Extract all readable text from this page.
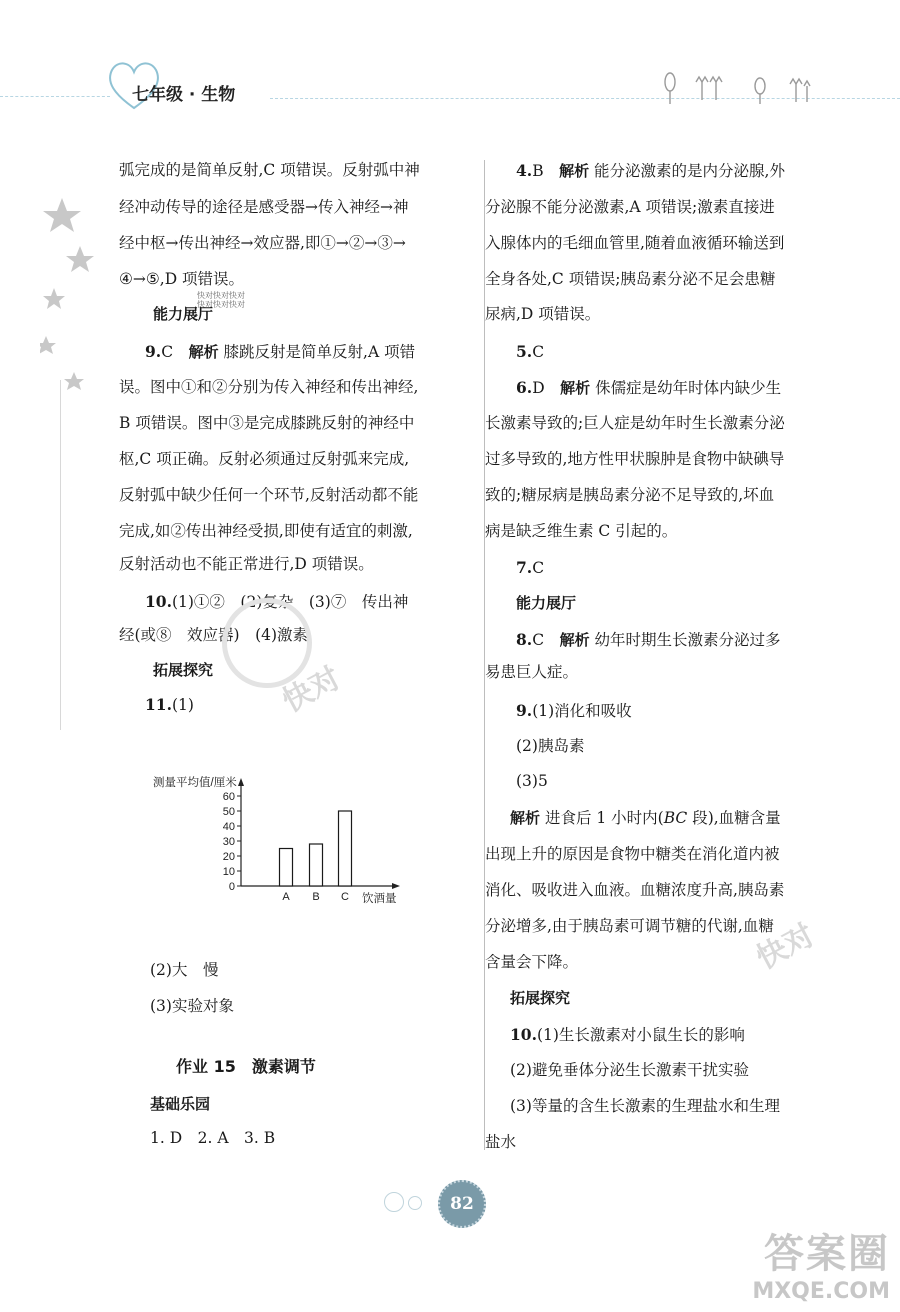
七年级 · 生物
弧完成的是简单反射,C 项错误。反射弧中神
经冲动传导的途径是感受器→传入神经→神
经中枢→传出神经→效应器,即①→②→③→
④→⑤,D 项错误。
快对快对快对
快对快对快对
能力展厅
9.C　 解析 膝跳反射是简单反射,A 项错
误。图中①和②分别为传入神经和传出神经,
B 项错误。图中③是完成膝跳反射的神经中
枢,C 项正确。反射必须通过反射弧来完成,
反射弧中缺少任何一个环节,反射活动都不能
完成,如②传出神经受损,即使有适宜的刺激,
反射活动也不能正常进行,D 项错误。
10.(1)①②　(2)复杂　(3)⑦　传出神
经(或⑧　效应器)　(4)激素
拓展探究
11.(1)
测量平均值/厘米
0
10
20
30
40
50
60
A B C 饮酒量
(2)大　慢
(3)实验对象
作业 15　激素调节
基础乐园
1. D　2. A　3. B
4.B　 解析 能分泌激素的是内分泌腺,外
分泌腺不能分泌激素,A 项错误;激素直接进
入腺体内的毛细血管里,随着血液循环输送到
全身各处,C 项错误;胰岛素分泌不足会患糖
尿病,D 项错误。
5.C
6.D　 解析 侏儒症是幼年时体内缺少生
长激素导致的;巨人症是幼年时生长激素分泌
过多导致的,地方性甲状腺肿是食物中缺碘导
致的;糖尿病是胰岛素分泌不足导致的,坏血
病是缺乏维生素 C 引起的。
7.C
能力展厅
8.C　 解析 幼年时期生长激素分泌过多
易患巨人症。
9.(1)消化和吸收
(2)胰岛素
(3)5
解析 进食后 1 小时内(BC 段),血糖含量
出现上升的原因是食物中糖类在消化道内被
消化、吸收进入血液。血糖浓度升高,胰岛素
分泌增多,由于胰岛素可调节糖的代谢,血糖
含量会下降。
拓展探究
10.(1)生长激素对小鼠生长的影响
(2)避免垂体分泌生长激素干扰实验
(3)等量的含生长激素的生理盐水和生理
盐水
快对
快对
82
答案圈
MXQE.COM
